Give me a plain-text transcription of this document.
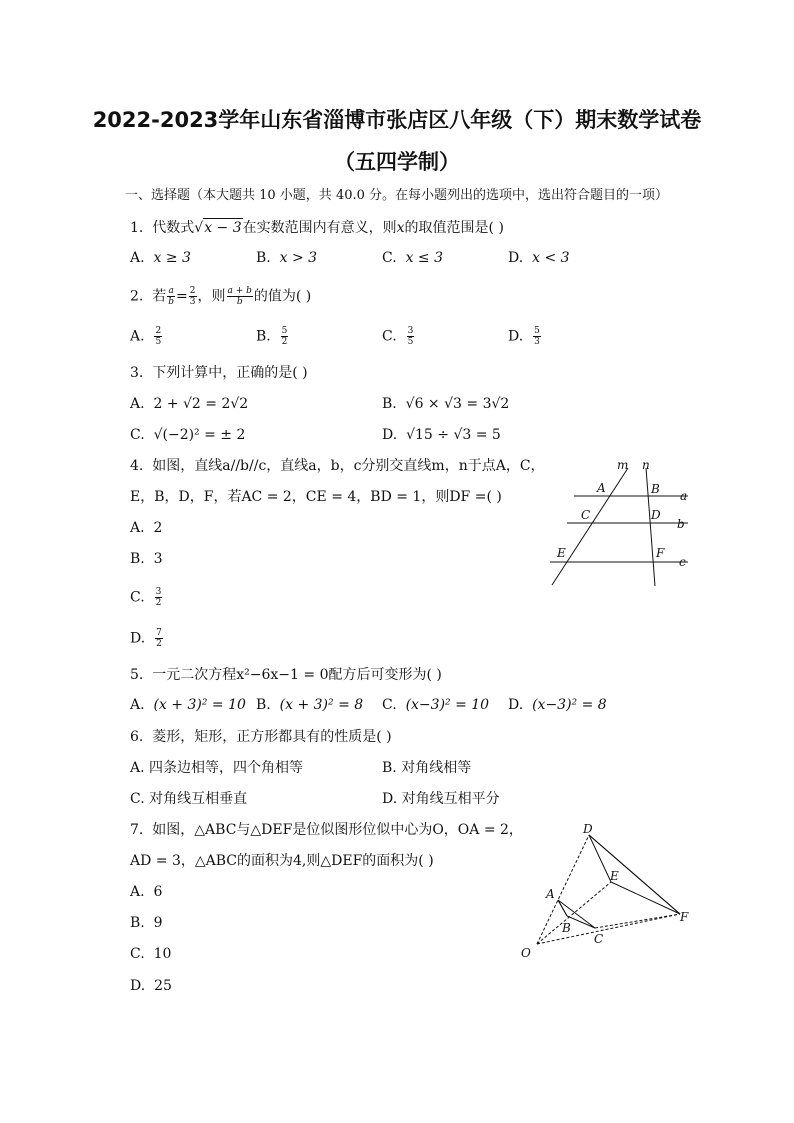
2022-2023学年山东省淄博市张店区八年级（下）期末数学试卷
（五四学制）
一、选择题（本大题共 10 小题，共 40.0 分。在每小题列出的选项中，选出符合题目的一项）
1. 代数式√x − 3在实数范围内有意义，则x的取值范围是( )
A. x ≥ 3	B. x > 3	C. x ≤ 3	D. x < 3
2. 若 $\frac{a}{b} = \frac{2}{3}$ ，则 $\frac{a + b}{b}$ 的值为( )
A. $\frac{2}{5}$	B. $\frac{5}{2}$	C. $\frac{3}{5}$	D. $\frac{5}{3}$
3. 下列计算中，正确的是( )
A. 2 + √2 = 2√2	B. √6 × √3 = 3√2
C. √(−2)² = ± 2	D. √15 ÷ √3 = 5
4. 如图，直线a//b//c，直线a，b，c分别交直线m，n于点A，C，
E，B，D，F，若AC = 2，CE = 4，BD = 1，则DF =( )
A. 2
B. 3
C. $\frac{3}{2}$
D. $\frac{7}{2}$
m n
a
b
c
A	B
C	D
E	F
5. 一元二次方程x²−6x−1 = 0配方后可变形为( )
A. (x + 3)² = 10 B. (x + 3)² = 8 C. (x−3)² = 10 D. (x−3)² = 8
6. 菱形，矩形，正方形都具有的性质是( )
A. 四条边相等，四个角相等	B. 对角线相等
C. 对角线互相垂直	D. 对角线互相平分
7. 如图，△ABC与△DEF是位似图形位似中心为O，OA = 2，
AD = 3，△ABC的面积为4,则△DEF的面积为( )
A. 6
B. 9
C. 10
D. 25
D
E
F
A
B
C
O
